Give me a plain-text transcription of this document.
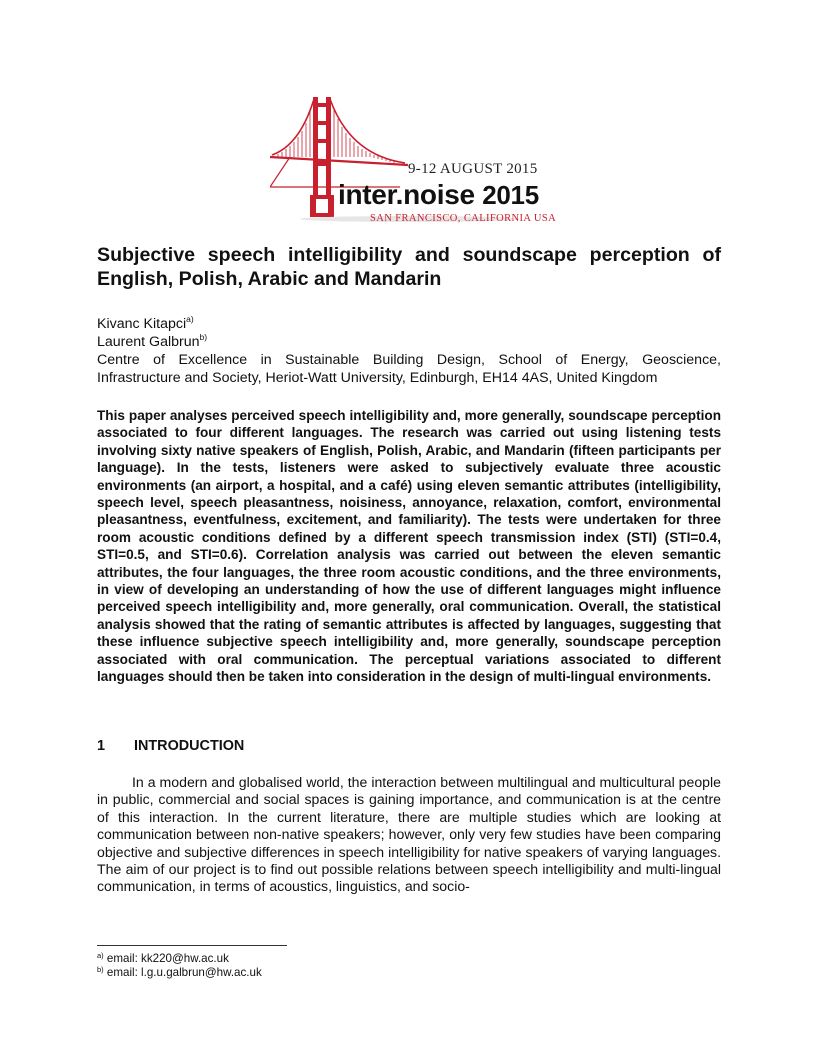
9-12 AUGUST 2015
inter.noise 2015
SAN FRANCISCO, CALIFORNIA USA
Subjective speech intelligibility and soundscape perception of
English, Polish, Arabic and Mandarin
Kivanc Kitapci$^{a)}$
Laurent Galbrun$^{b)}$
Centre of Excellence in Sustainable Building Design, School of Energy, Geoscience,
Infrastructure and Society, Heriot-Watt University, Edinburgh, EH14 4AS, United Kingdom

This paper analyses perceived speech intelligibility and, more generally, soundscape perception associated to four different languages. The research was carried out using listening tests involving sixty native speakers of English, Polish, Arabic, and Mandarin (fifteen participants per language). In the tests, listeners were asked to subjectively evaluate three acoustic environments (an airport, a hospital, and a café) using eleven semantic attributes (intelligibility, speech level, speech pleasantness, noisiness, annoyance, relaxation, comfort, environmental pleasantness, eventfulness, excitement, and familiarity). The tests were undertaken for three room acoustic conditions defined by a different speech transmission index (STI) (STI=0.4, STI=0.5, and STI=0.6). Correlation analysis was carried out between the eleven semantic attributes, the four languages, the three room acoustic conditions, and the three environments, in view of developing an understanding of how the use of different languages might influence perceived speech intelligibility and, more generally, oral communication. Overall, the statistical analysis showed that the rating of semantic attributes is affected by languages, suggesting that these influence subjective speech intelligibility and, more generally, soundscape perception associated with oral communication. The perceptual variations associated to different languages should then be taken into consideration in the design of multi-lingual environments.

1 INTRODUCTION

In a modern and globalised world, the interaction between multilingual and multicultural people in public, commercial and social spaces is gaining importance, and communication is at the centre of this interaction. In the current literature, there are multiple studies which are looking at communication between non-native speakers; however, only very few studies have been comparing objective and subjective differences in speech intelligibility for native speakers of varying languages. The aim of our project is to find out possible relations between speech intelligibility and multi-lingual communication, in terms of acoustics, linguistics, and socio-

$^{a)}$ email: kk220@hw.ac.uk
$^{b)}$ email: l.g.u.galbrun@hw.ac.uk
